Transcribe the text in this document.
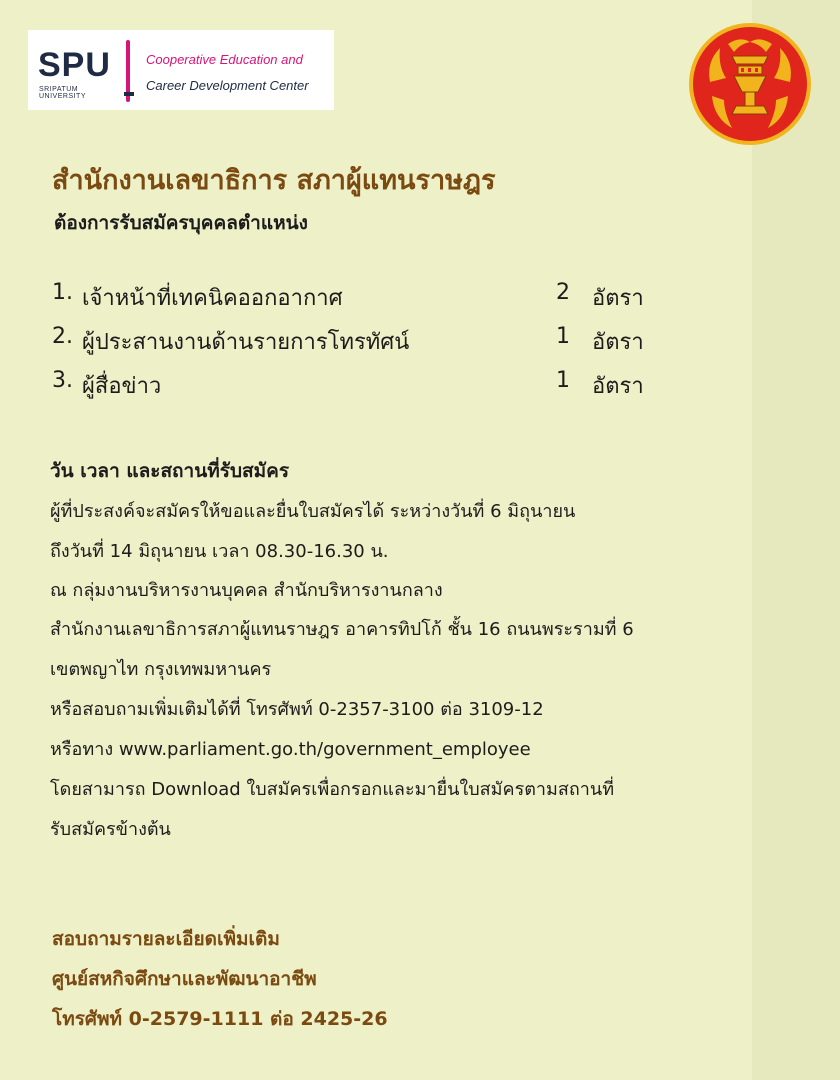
SPU
SRIPATUM
UNIVERSITY
Cooperative Education and
Career Development Center
สำนักงานเลขาธิการ สภาผู้แทนราษฎร
ต้องการรับสมัครบุคคลตำแหน่ง
1. เจ้าหน้าที่เทคนิคออกอากาศ	2 อัตรา
2. ผู้ประสานงานด้านรายการโทรทัศน์	1 อัตรา
3. ผู้สื่อข่าว	1 อัตรา
วัน เวลา และสถานที่รับสมัคร
ผู้ที่ประสงค์จะสมัครให้ขอและยื่นใบสมัครได้ ระหว่างวันที่ 6 มิถุนายน
ถึงวันที่ 14 มิถุนายน เวลา 08.30-16.30 น.
ณ กลุ่มงานบริหารงานบุคคล สำนักบริหารงานกลาง
สำนักงานเลขาธิการสภาผู้แทนราษฎร อาคารทิปโก้ ชั้น 16 ถนนพระรามที่ 6
เขตพญาไท กรุงเทพมหานคร
หรือสอบถามเพิ่มเติมได้ที่ โทรศัพท์ 0-2357-3100 ต่อ 3109-12
หรือทาง www.parliament.go.th/government_employee
โดยสามารถ Download ใบสมัครเพื่อกรอกและมายื่นใบสมัครตามสถานที่
รับสมัครข้างต้น
สอบถามรายละเอียดเพิ่มเติม
ศูนย์สหกิจศึกษาและพัฒนาอาชีพ
โทรศัพท์ 0-2579-1111 ต่อ 2425-26
